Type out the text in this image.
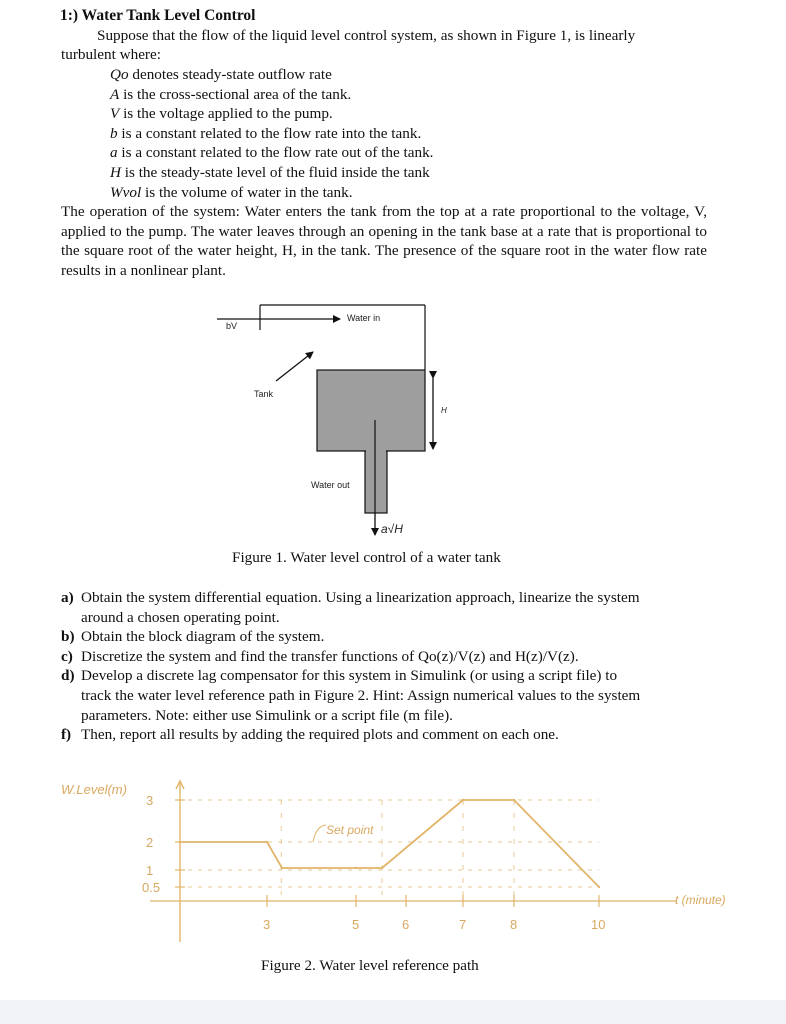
1:) Water Tank Level Control
Suppose that the flow of the liquid level control system, as shown in Figure 1, is linearly
turbulent where:
Qo denotes steady-state outflow rate
A is the cross-sectional area of the tank.
V is the voltage applied to the pump.
b is a constant related to the flow rate into the tank.
a is a constant related to the flow rate out of the tank.
H is the steady-state level of the fluid inside the tank
Wvol is the volume of water in the tank.
The operation of the system: Water enters the tank from the top at a rate proportional to the voltage, V, applied to the pump. The water leaves through an opening in the tank base at a rate that is proportional to the square root of the water height, H, in the tank. The presence of the square root in the water flow rate results in a nonlinear plant.
bV
Water in
Tank
H
Water out
a√H
Figure 1. Water level control of a water tank
a) Obtain the system differential equation. Using a linearization approach, linearize the system
around a chosen operating point.
b) Obtain the block diagram of the system.
c) Discretize the system and find the transfer functions of Qo(z)/V(z) and H(z)/V(z).
d) Develop a discrete lag compensator for this system in Simulink (or using a script file) to
track the water level reference path in Figure 2. Hint: Assign numerical values to the system
parameters. Note: either use Simulink or a script file (m file).
f) Then, report all results by adding the required plots and comment on each one.
W.Level(m)
t (minute)
Set point
3
2
1
0.5
3	5	6	7	8	10
Figure 2. Water level reference path
